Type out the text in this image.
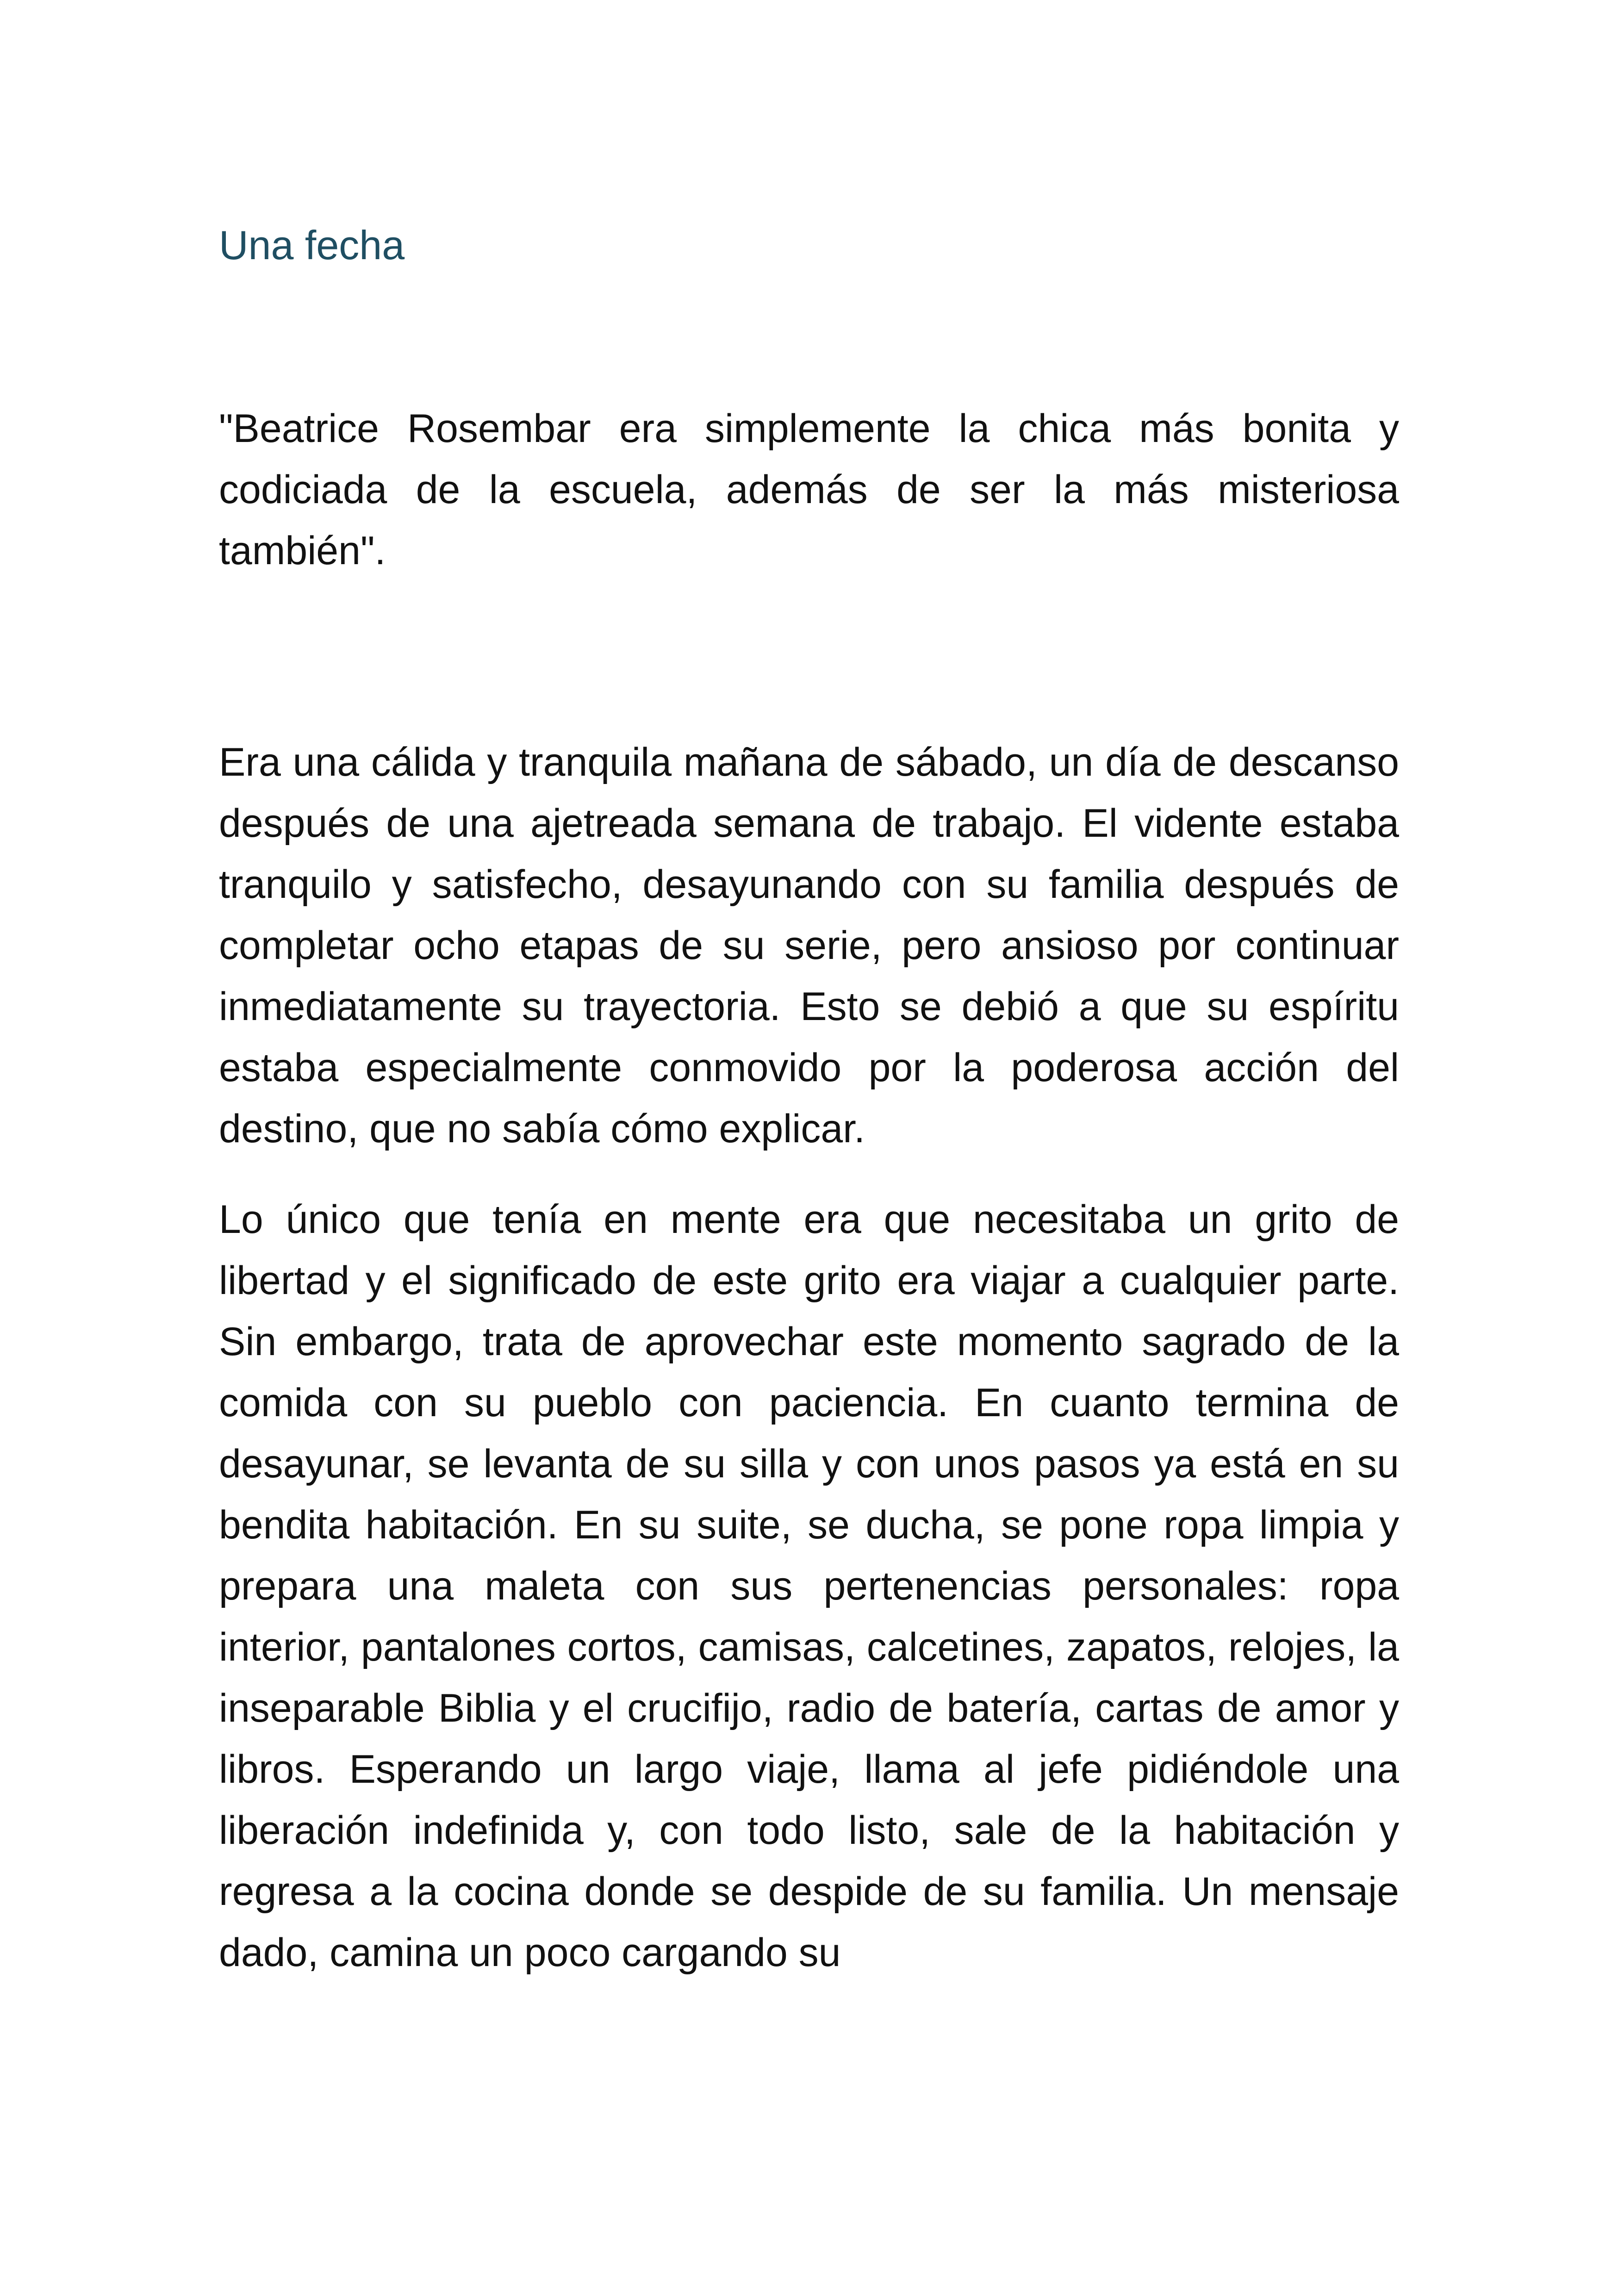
Una fecha

"Beatrice Rosembar era simplemente la chica más bonita y codiciada de la escuela, además de ser la más misteriosa también".

Era una cálida y tranquila mañana de sábado, un día de descanso después de una ajetreada semana de trabajo. El vidente estaba tranquilo y satisfecho, desayunando con su familia después de completar ocho etapas de su serie, pero ansioso por continuar inmediatamente su trayectoria. Esto se debió a que su espíritu estaba especialmente conmovido por la poderosa acción del destino, que no sabía cómo explicar.

Lo único que tenía en mente era que necesitaba un grito de libertad y el significado de este grito era viajar a cualquier parte. Sin embargo, trata de aprovechar este momento sagrado de la comida con su pueblo con paciencia. En cuanto termina de desayunar, se levanta de su silla y con unos pasos ya está en su bendita habitación. En su suite, se ducha, se pone ropa limpia y prepara una maleta con sus pertenencias personales: ropa interior, pantalones cortos, camisas, calcetines, zapatos, relojes, la inseparable Biblia y el crucifijo, radio de batería, cartas de amor y libros. Esperando un largo viaje, llama al jefe pidiéndole una liberación indefinida y, con todo listo, sale de la habitación y regresa a la cocina donde se despide de su familia. Un mensaje dado, camina un poco cargando su
